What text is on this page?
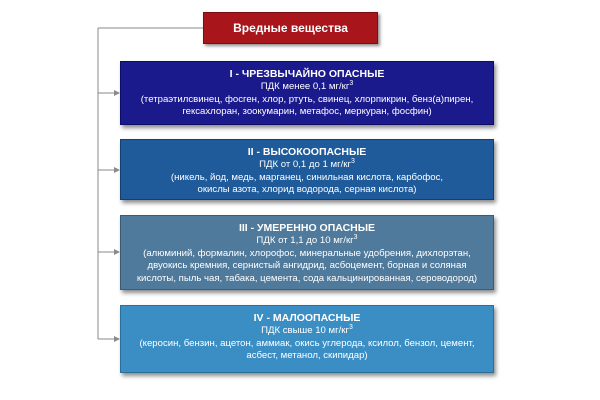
Вредные вещества
I - ЧРЕЗВЫЧАЙНО ОПАСНЫЕ
ПДК менее 0,1 $мг/кг^3$
(тетраэтилсвинец, фосген, хлор, ртуть, свинец, хлорпикрин, бенз(а)пирен,
гексахлоран, зоокумарин, метафос, меркуран, фосфин)
II - ВЫСОКООПАСНЫЕ
ПДК от 0,1 до 1 $мг/кг^3$
(никель, йод, медь, марганец, синильная кислота, карбофос,
окислы азота, хлорид водорода, серная кислота)
III - УМЕРЕННО ОПАСНЫЕ
ПДК от 1,1 до 10 $мг/кг^3$
(алюминий, формалин, хлорофос, минеральные удобрения, дихлорэтан,
двуокись кремния, сернистый ангидрид, асбоцемент, борная и соляная
кислоты, пыль чая, табака, цемента, сода кальцинированная, сероводород)
IV - МАЛООПАСНЫЕ
ПДК свыше 10 $мг/кг^3$
(керосин, бензин, ацетон, аммиак, окись углерода, ксилол, бензол, цемент,
асбест, метанол, скипидар)
